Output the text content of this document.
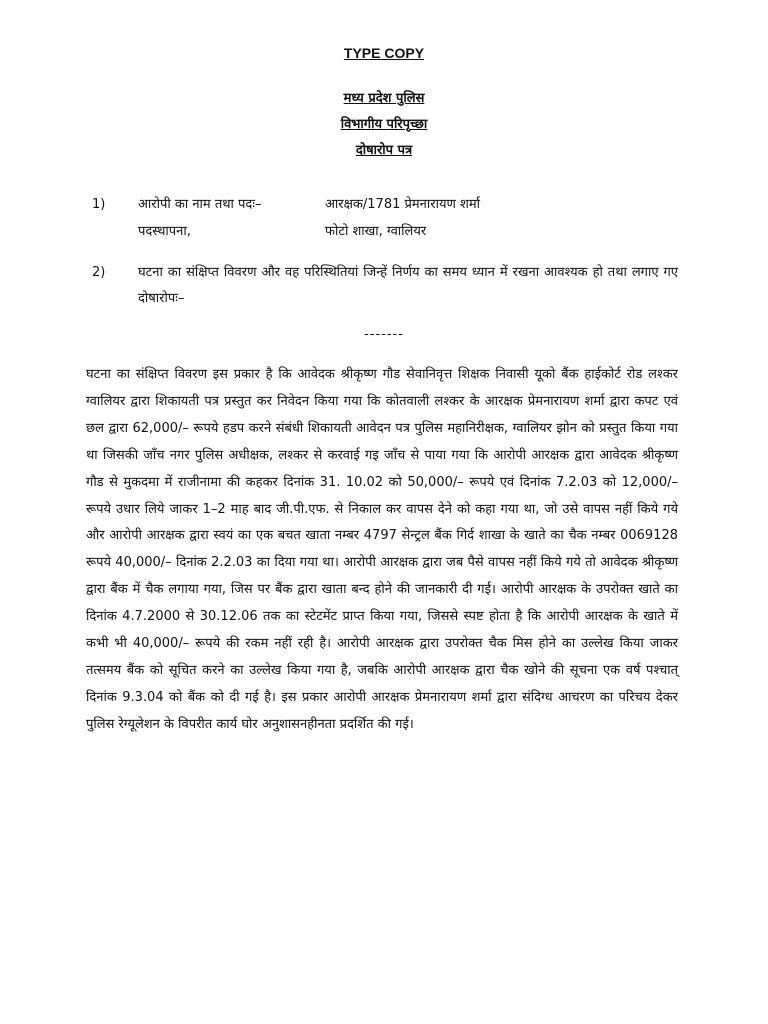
TYPE COPY
मध्य प्रदेश पुलिस
विभागीय परिपृच्छा
दोषारोप पत्र
1)	आरोपी का नाम तथा पदः–	आरक्षक/1781 प्रेमनारायण शर्मा
पदस्थापना,	फोटो शाखा, ग्वालियर
2)	घटना का संक्षिप्त विवरण और वह परिस्थितियां जिन्हें निर्णय का समय ध्यान में रखना आवश्यक हो तथा लगाए गए दोषारोपः–
-------
घटना का संक्षिप्त विवरण इस प्रकार है कि आवेदक श्रीकृष्ण गौड सेवानिवृत्त शिक्षक निवासी यूको बैंक हाईकोर्ट रोड लश्कर ग्वालियर द्वारा शिकायती पत्र प्रस्तुत कर निवेदन किया गया कि कोतवाली लश्कर के आरक्षक प्रेमनारायण शर्मा द्वारा कपट एवं छल द्वारा 62,000/– रूपये हडप करने संबंधी शिकायती आवेदन पत्र पुलिस महानिरीक्षक, ग्वालियर झोन को प्रस्तुत किया गया था जिसकी जॉंच नगर पुलिस अधीक्षक, लश्कर से करवाई गइ जॉंच से पाया गया कि आरोपी आरक्षक द्वारा आवेदक श्रीकृष्ण गौड से मुकदमा में राजीनामा की कहकर दिनांक 31. 10.02 को 50,000/– रूपये एवं दिनांक 7.2.03 को 12,000/– रूपये उधार लिये जाकर 1–2 माह बाद जी.पी.एफ. से निकाल कर वापस देने को कहा गया था, जो उसे वापस नहीं किये गये और आरोपी आरक्षक द्वारा स्वयं का एक बचत खाता नम्बर 4797 सेन्ट्रल बैंक गिर्द शाखा के खाते का चैक नम्बर 0069128 रूपये 40,000/– दिनांक 2.2.03 का दिया गया था। आरोपी आरक्षक द्वारा जब पैसे वापस नहीं किये गये तो आवेदक श्रीकृष्ण द्वारा बैंक में चैक लगाया गया, जिस पर बैंक द्वारा खाता बन्द होने की जानकारी दी गई। आरोपी आरक्षक के उपरोक्त खाते का दिनांक 4.7.2000 से 30.12.06 तक का स्टेटमेंट प्राप्त किया गया, जिससे स्पष्ट होता है कि आरोपी आरक्षक के खाते में कभी भी 40,000/– रूपये की रकम नहीं रही है। आरोपी आरक्षक द्वारा उपरोक्त चैक मिस होने का उल्लेख किया जाकर तत्समय बैंक को सूचित करने का उल्लेख किया गया है, जबकि आरोपी आरक्षक द्वारा चैक खोने की सूचना एक वर्ष पश्चात् दिनांक 9.3.04 को बैंक को दी गई है। इस प्रकार आरोपी आरक्षक प्रेमनारायण शर्मा द्वारा संदिग्ध आचरण का परिचय देकर पुलिस रेग्यूलेशन के विपरीत कार्य घोर अनुशासनहीनता प्रदर्शित की गई।
